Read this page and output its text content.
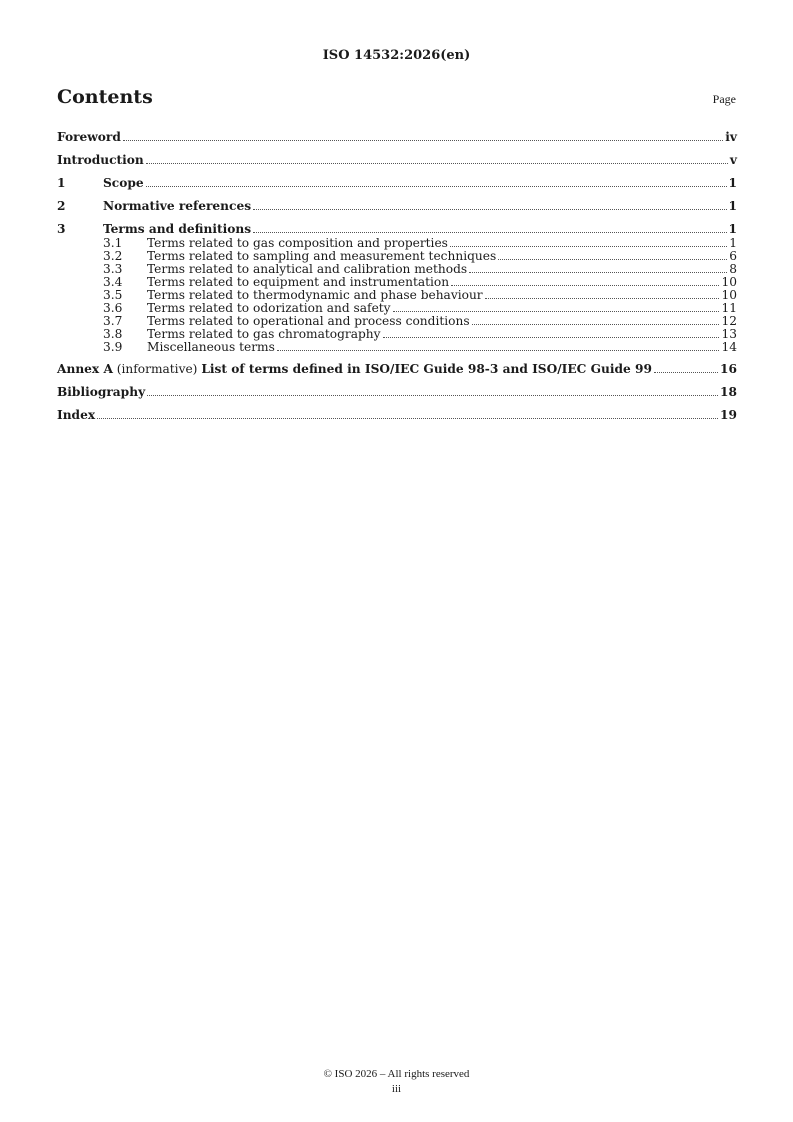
ISO 14532:2026(en)
Contents	Page
Foreword	iv
Introduction	v
1	Scope	1
2	Normative references	1
3	Terms and definitions	1
3.1 Terms related to gas composition and properties	1
3.2 Terms related to sampling and measurement techniques	6
3.3 Terms related to analytical and calibration methods	8
3.4 Terms related to equipment and instrumentation	10
3.5 Terms related to thermodynamic and phase behaviour	10
3.6 Terms related to odorization and safety	11
3.7 Terms related to operational and process conditions	12
3.8 Terms related to gas chromatography	13
3.9 Miscellaneous terms	14
Annex A (informative) List of terms defined in ISO/IEC Guide 98-3 and ISO/IEC Guide 99	16
Bibliography	18
Index	19
© ISO 2026 – All rights reserved
iii
